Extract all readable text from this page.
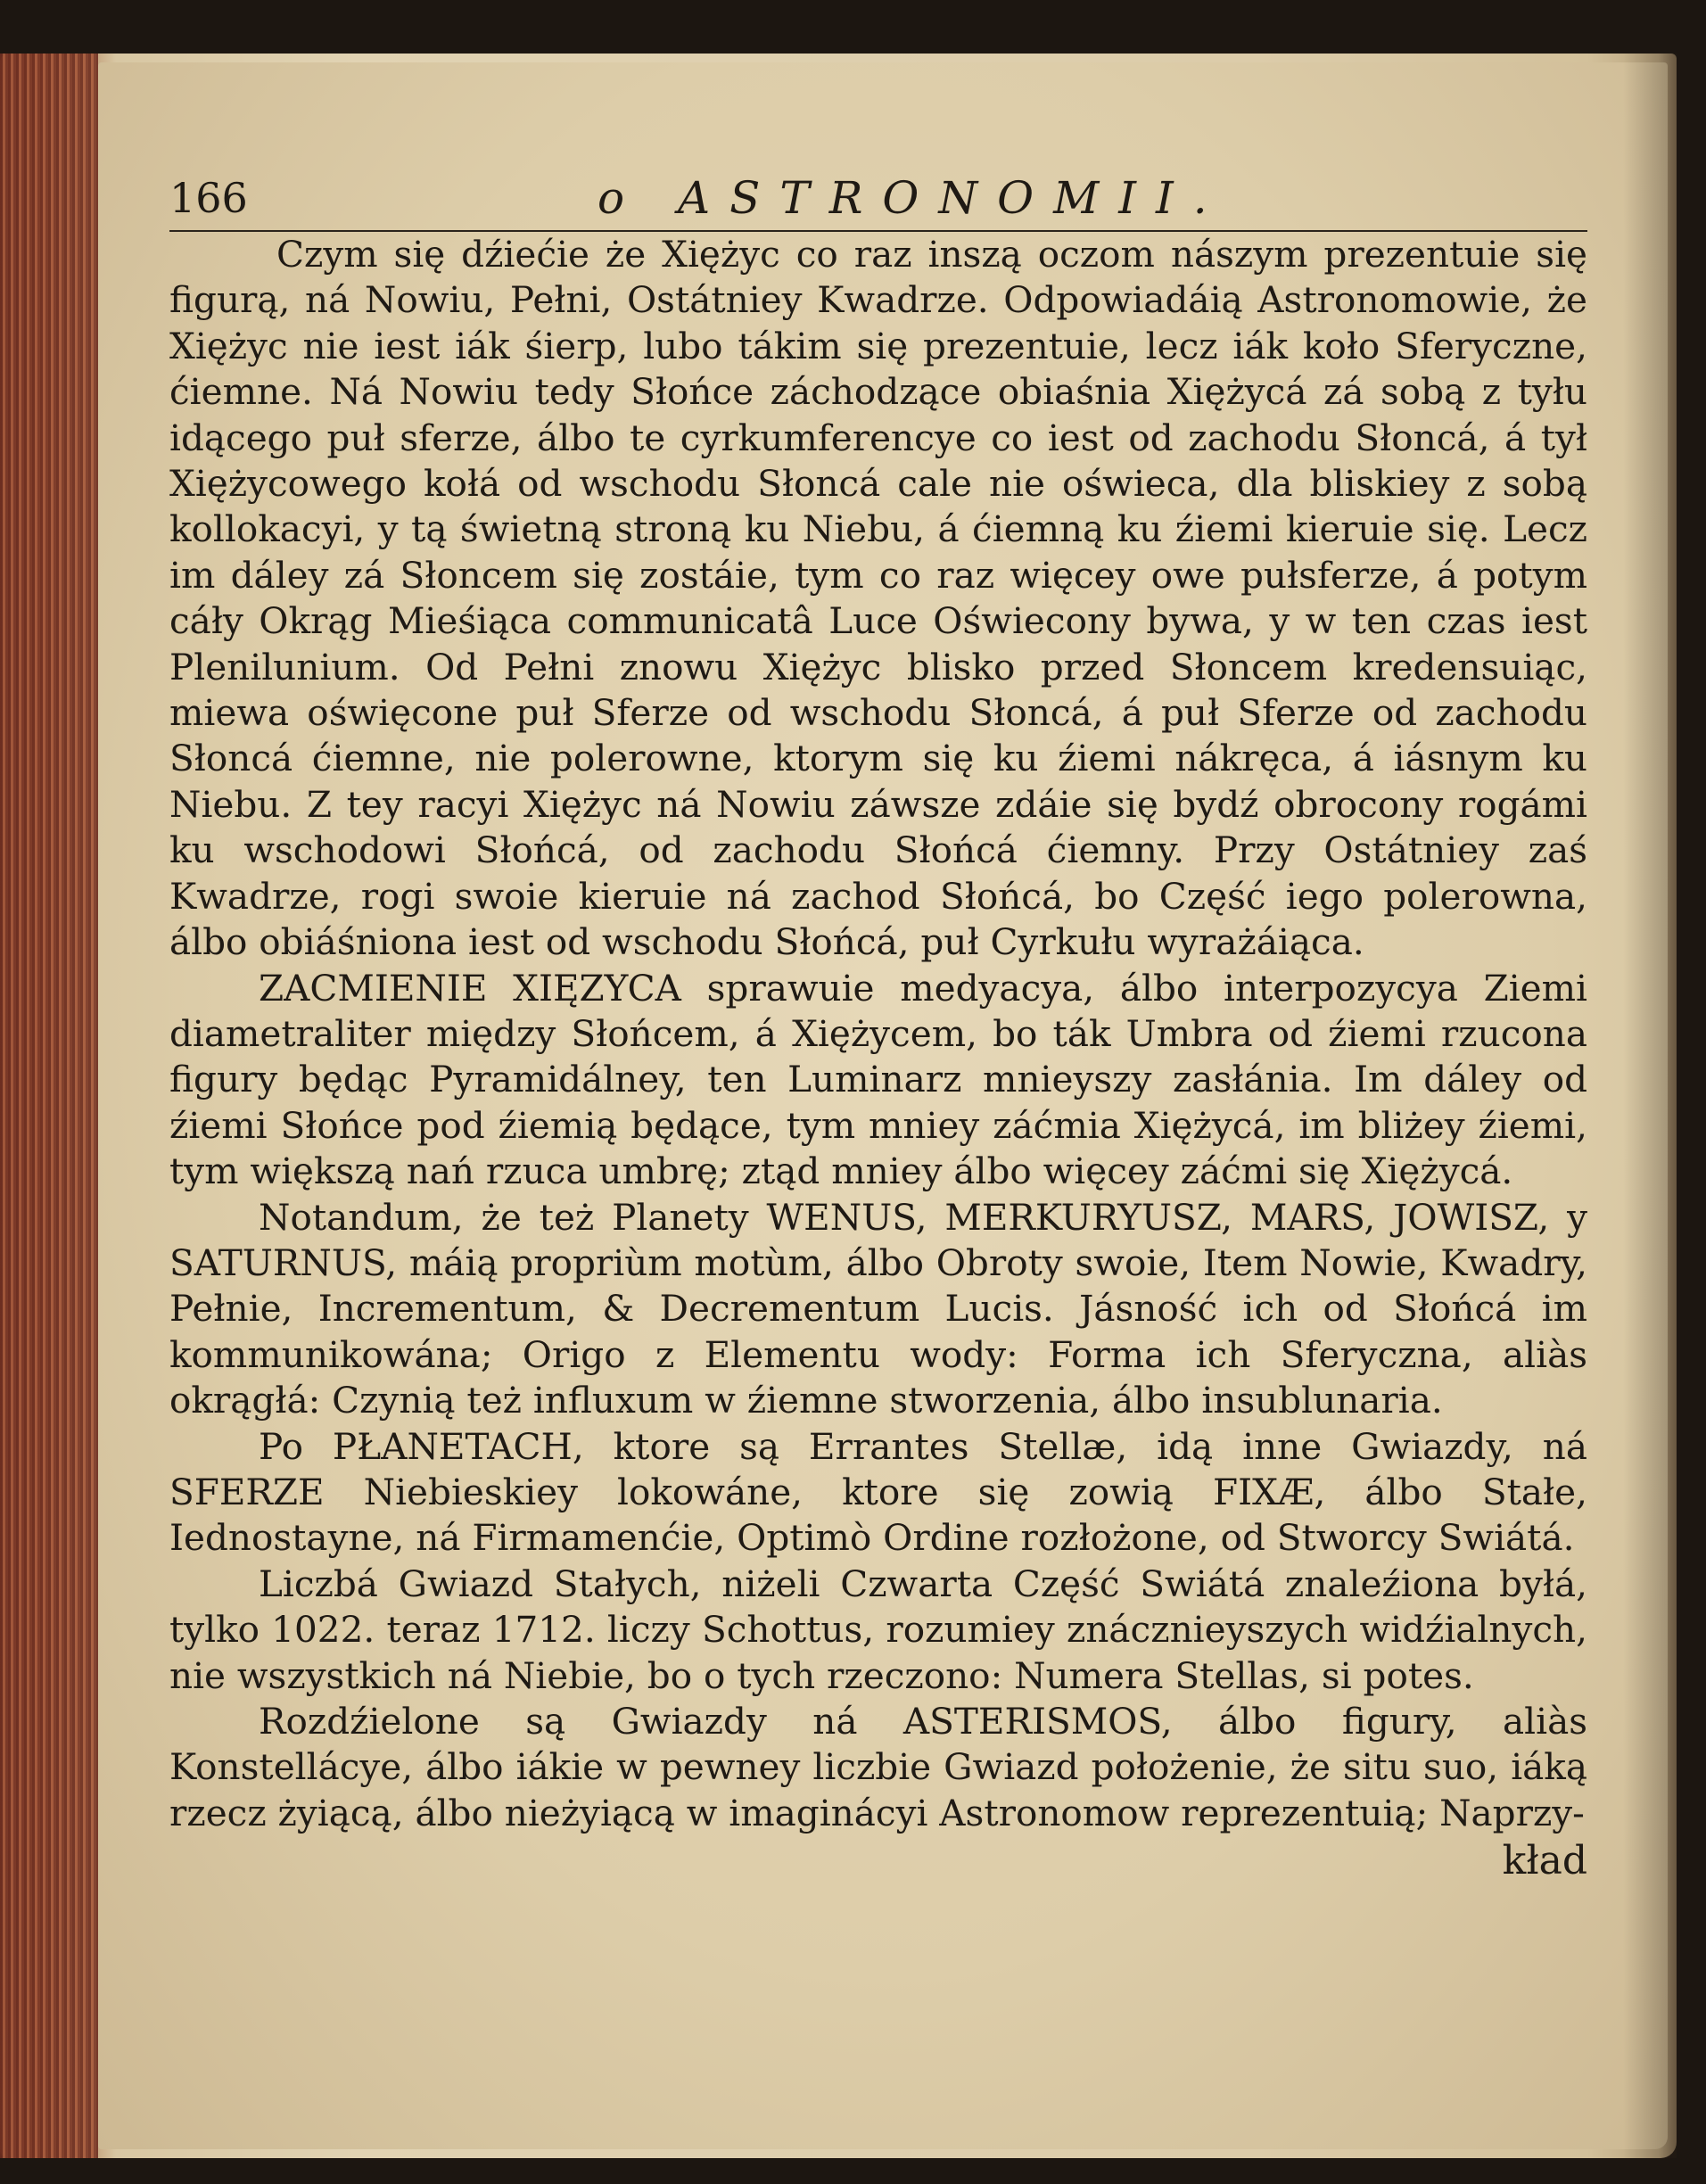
166	o ASTRONOMII.

Czym się dźiećie że Xiężyc co raz inszą oczom nászym prezentuie się figurą, ná Nowiu, Pełni, Ostátniey Kwadrze. Odpowiadáią Astronomowie, że Xiężyc nie iest iák śierp, lubo tákim się prezentuie, lecz iák koło Sferyczne, ćiemne. Ná Nowiu tedy Słońce záchodzące obiaśnia Xiężycá zá sobą z tyłu idącego puł sferze, álbo te cyrkumferencye co iest od zachodu Słoncá, á tył Xiężycowego kołá od wschodu Słoncá cale nie oświeca, dla bliskiey z sobą kollokacyi, y tą świetną stroną ku Niebu, á ćiemną ku źiemi kieruie się. Lecz im dáley zá Słoncem się zostáie, tym co raz więcey owe pułsferze, á potym cáły Okrąg Mieśiąca communicatâ Luce Oświecony bywa, y w ten czas iest Plenilunium. Od Pełni znowu Xiężyc blisko przed Słoncem kredensuiąc, miewa oświęcone puł Sferze od wschodu Słoncá, á puł Sferze od zachodu Słoncá ćiemne, nie polerowne, ktorym się ku źiemi nákręca, á iásnym ku Niebu. Z tey racyi Xiężyc ná Nowiu záwsze zdáie się bydź obrocony rogámi ku wschodowi Słońcá, od zachodu Słońcá ćiemny. Przy Ostátniey zaś Kwadrze, rogi swoie kieruie ná zachod Słońcá, bo Część iego polerowna, álbo obiáśniona iest od wschodu Słońcá, puł Cyrkułu wyrażáiąca.

ZACMIENIE XIĘZYCA sprawuie medyacya, álbo interpozycya Ziemi diametraliter między Słońcem, á Xiężycem, bo ták Umbra od źiemi rzucona figury będąc Pyramidálney, ten Luminarz mnieyszy zasłánia. Im dáley od źiemi Słońce pod źiemią będące, tym mniey záćmia Xiężycá, im bliżey źiemi, tym większą nań rzuca umbrę; ztąd mniey álbo więcey záćmi się Xiężycá.

Notandum, że też Planety WENUS, MERKURYUSZ, MARS, JOWISZ, y SATURNUS, máią propriùm motùm, álbo Obroty swoie, Item Nowie, Kwadry, Pełnie, Incrementum, & Decrementum Lucis. Jásność ich od Słońcá im kommunikowána; Origo z Elementu wody: Forma ich Sferyczna, aliàs okrągłá: Czynią też influxum w źiemne stworzenia, álbo insublunaria.

Po PŁANETACH, ktore są Errantes Stellæ, idą inne Gwiazdy, ná SFERZE Niebieskiey lokowáne, ktore się zowią FIXÆ, álbo Stałe, Iednostayne, ná Firmamenćie, Optimò Ordine rozłożone, od Stworcy Swiátá.

Liczbá Gwiazd Stałych, niżeli Czwarta Część Swiátá znaleźiona byłá, tylko 1022. teraz 1712. liczy Schottus, rozumiey znácznieyszych widźialnych, nie wszystkich ná Niebie, bo o tych rzeczono: Numera Stellas, si potes.

Rozdźielone są Gwiazdy ná ASTERISMOS, álbo figury, aliàs Konstellácye, álbo iákie w pewney liczbie Gwiazd położenie, że situ suo, iáką rzecz żyiącą, álbo nieżyiącą w imaginácyi Astronomow reprezentuią; Naprzy-

kład
